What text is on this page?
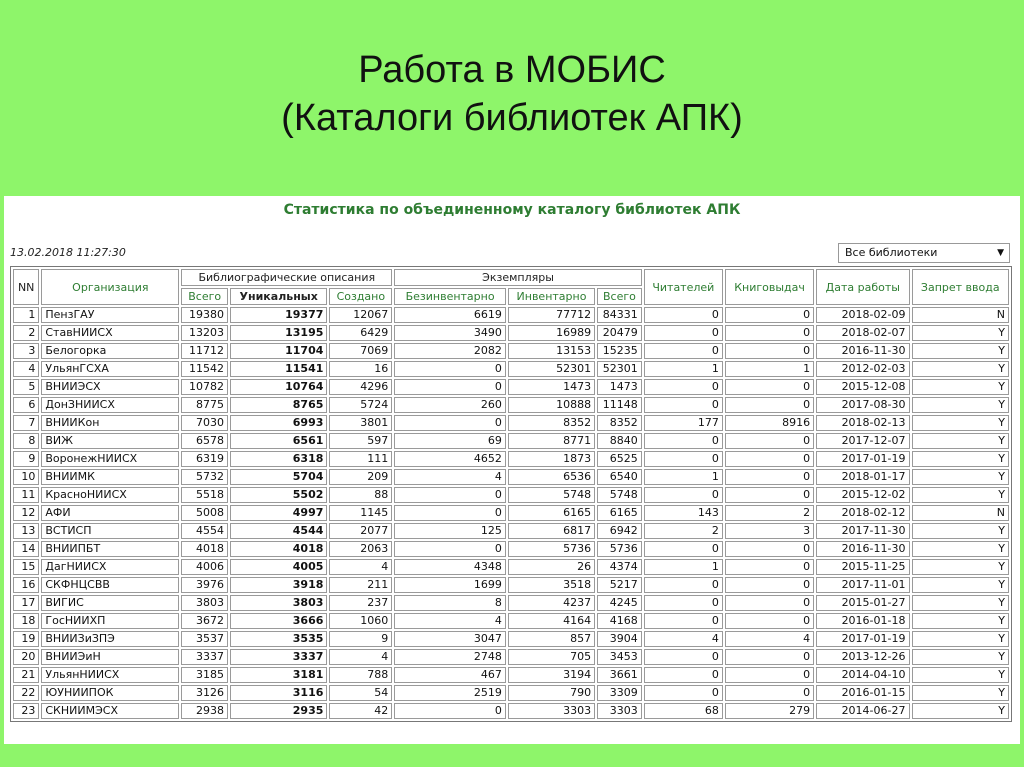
Работа в МОБИС
(Каталоги библиотек АПК)
Статистика по объединенному каталогу библиотек АПК
13.02.2018 11:27:30	Все библиотеки	▼
NN	Организация	Библиографические описания			Экземпляры			Читателей	Книговыдач	Дата работы	Запрет ввода
		Всего	Уникальных	Создано	Безинвентарно	Инвентарно	Всего				
1	ПензГАУ	19380	19377	12067	6619	77712	84331	0	0	2018-02-09	N
2	СтавНИИСХ	13203	13195	6429	3490	16989	20479	0	0	2018-02-07	Y
3	Белогорка	11712	11704	7069	2082	13153	15235	0	0	2016-11-30	Y
4	УльянГСХА	11542	11541	16	0	52301	52301	1	1	2012-02-03	Y
5	ВНИИЭСХ	10782	10764	4296	0	1473	1473	0	0	2015-12-08	Y
6	ДонЗНИИСХ	8775	8765	5724	260	10888	11148	0	0	2017-08-30	Y
7	ВНИИКон	7030	6993	3801	0	8352	8352	177	8916	2018-02-13	Y
8	ВИЖ	6578	6561	597	69	8771	8840	0	0	2017-12-07	Y
9	ВоронежНИИСХ	6319	6318	111	4652	1873	6525	0	0	2017-01-19	Y
10	ВНИИМК	5732	5704	209	4	6536	6540	1	0	2018-01-17	Y
11	КрасноНИИСХ	5518	5502	88	0	5748	5748	0	0	2015-12-02	Y
12	АФИ	5008	4997	1145	0	6165	6165	143	2	2018-02-12	N
13	ВСТИСП	4554	4544	2077	125	6817	6942	2	3	2017-11-30	Y
14	ВНИИПБТ	4018	4018	2063	0	5736	5736	0	0	2016-11-30	Y
15	ДагНИИСХ	4006	4005	4	4348	26	4374	1	0	2015-11-25	Y
16	СКФНЦСВВ	3976	3918	211	1699	3518	5217	0	0	2017-11-01	Y
17	ВИГИС	3803	3803	237	8	4237	4245	0	0	2015-01-27	Y
18	ГосНИИХП	3672	3666	1060	4	4164	4168	0	0	2016-01-18	Y
19	ВНИИЗиЗПЭ	3537	3535	9	3047	857	3904	4	4	2017-01-19	Y
20	ВНИИЭиН	3337	3337	4	2748	705	3453	0	0	2013-12-26	Y
21	УльянНИИСХ	3185	3181	788	467	3194	3661	0	0	2014-04-10	Y
22	ЮУНИИПОК	3126	3116	54	2519	790	3309	0	0	2016-01-15	Y
23	СКНИИМЭСХ	2938	2935	42	0	3303	3303	68	279	2014-06-27	Y
